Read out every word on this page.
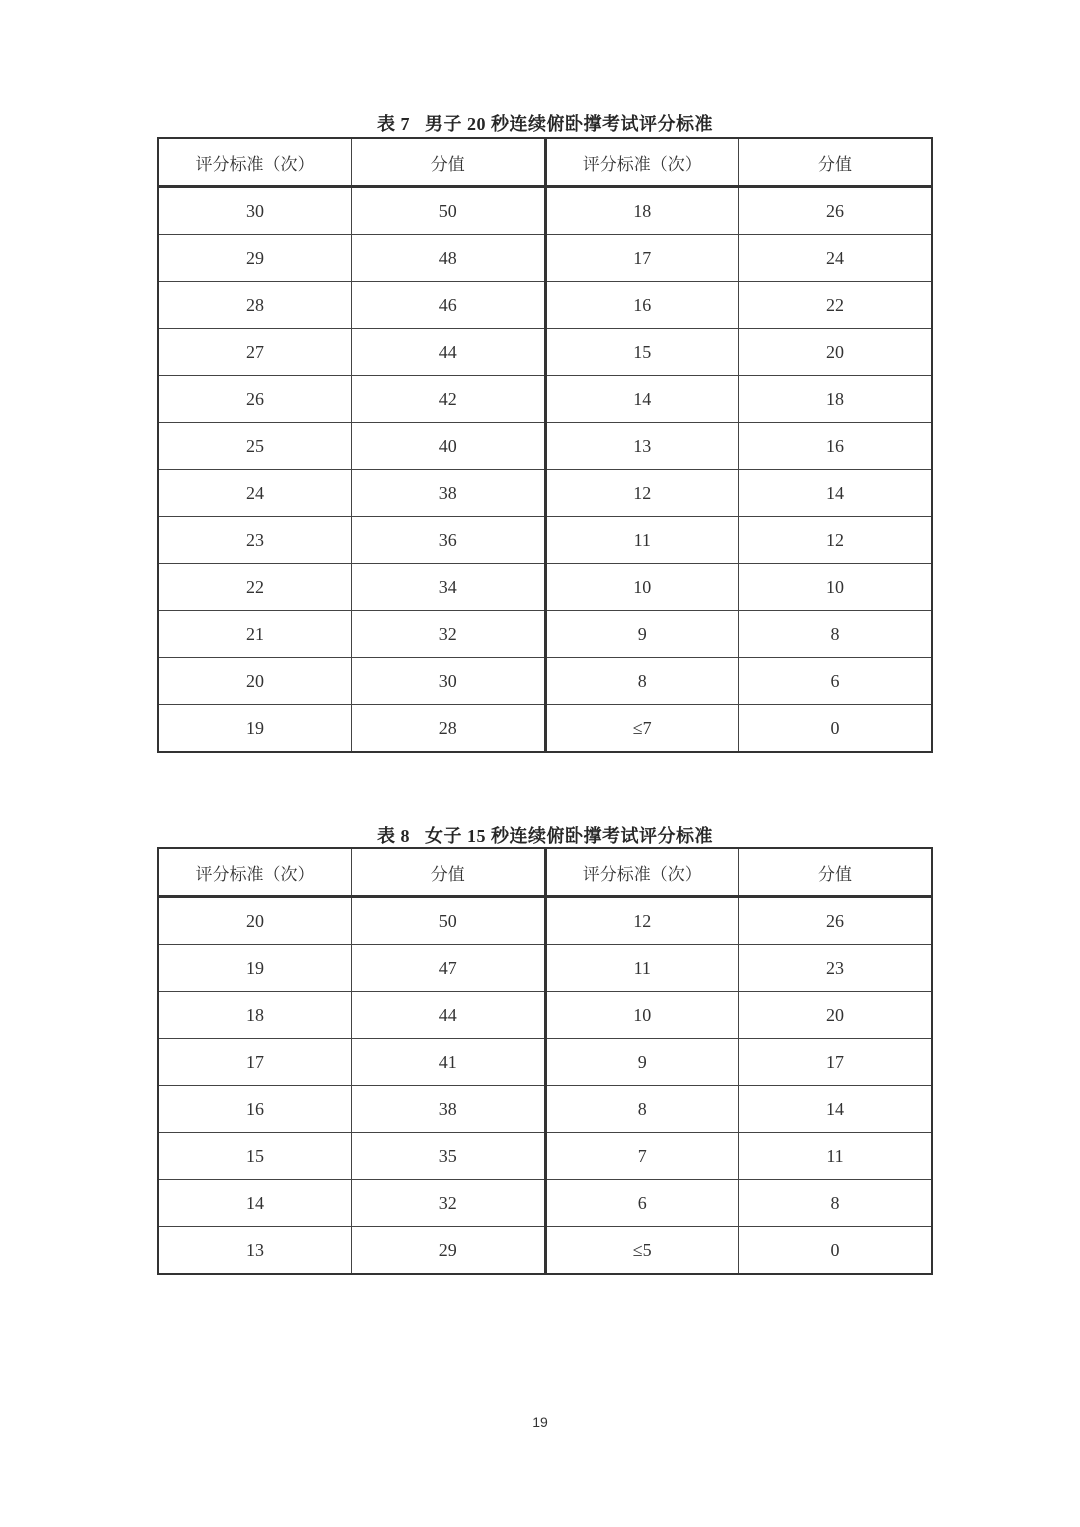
表 7   男子 20 秒连续俯卧撑考试评分标准
评分标准（次）	分值	评分标准（次）	分值
30	50	18	26
29	48	17	24
28	46	16	22
27	44	15	20
26	42	14	18
25	40	13	16
24	38	12	14
23	36	11	12
22	34	10	10
21	32	9	8
20	30	8	6
19	28	≤7	0
表 8   女子 15 秒连续俯卧撑考试评分标准
评分标准（次）	分值	评分标准（次）	分值
20	50	12	26
19	47	11	23
18	44	10	20
17	41	9	17
16	38	8	14
15	35	7	11
14	32	6	8
13	29	≤5	0
19
